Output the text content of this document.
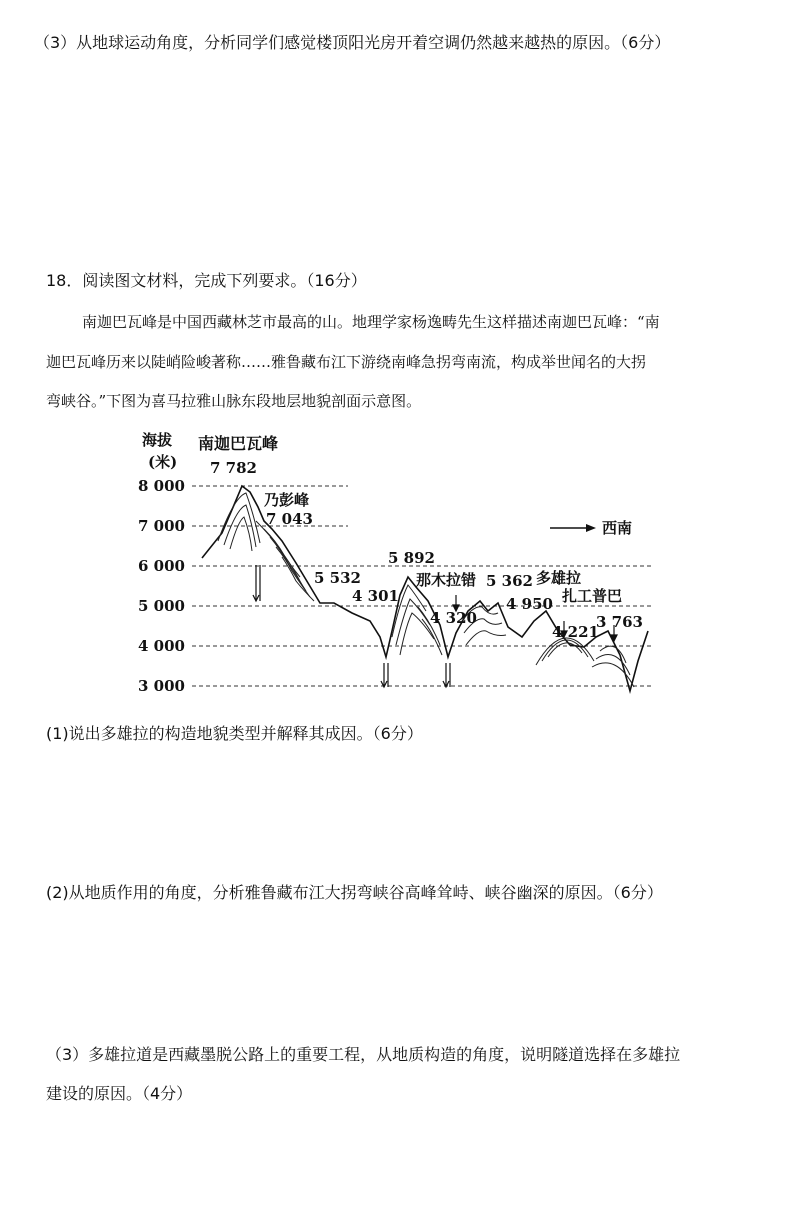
（3）从地球运动角度，分析同学们感觉楼顶阳光房开着空调仍然越来越热的原因。（6分）
18．阅读图文材料，完成下列要求。（16分）
南迦巴瓦峰是中国西藏林芝市最高的山。地理学家杨逸畴先生这样描述南迦巴瓦峰：“南
迦巴瓦峰历来以陡峭险峻著称……雅鲁藏布江下游绕南峰急拐弯南流，构成举世闻名的大拐
弯峡谷。”下图为喜马拉雅山脉东段地层地貌剖面示意图。
海拔
(米)
8 000
7 000
6 000
5 000
4 000
3 000
西南
南迦巴瓦峰
7 782
乃彭峰
7 043
5 892
5 532
4 301
那木拉错
4 320
5 362 多雄拉
4 950 扎工普巴
4 221
3 763
(1)说出多雄拉的构造地貌类型并解释其成因。（6分）
(2)从地质作用的角度，分析雅鲁藏布江大拐弯峡谷高峰耸峙、峡谷幽深的原因。（6分）
（3）多雄拉道是西藏墨脱公路上的重要工程，从地质构造的角度，说明隧道选择在多雄拉
建设的原因。（4分）
